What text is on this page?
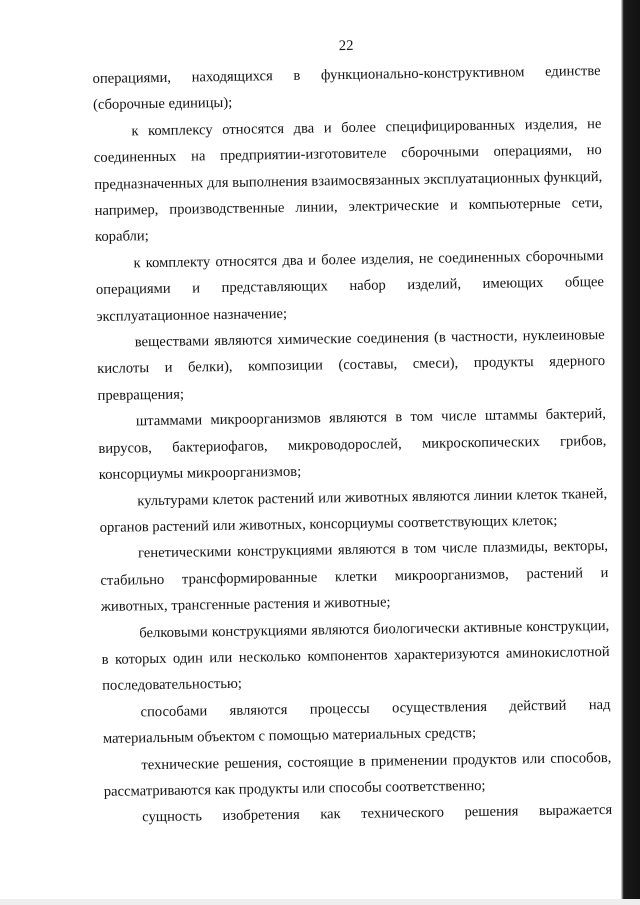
22

операциями, находящихся в функционально-конструктивном единстве (сборочные единицы);

к комплексу относятся два и более специфицированных изделия, не соединенных на предприятии-изготовителе сборочными операциями, но предназначенных для выполнения взаимосвязанных эксплуатационных функций, например, производственные линии, электрические и компьютерные сети, корабли;

к комплекту относятся два и более изделия, не соединенных сборочными операциями и представляющих набор изделий, имеющих общее эксплуатационное назначение;

веществами являются химические соединения (в частности, нуклеиновые кислоты и белки), композиции (составы, смеси), продукты ядерного превращения;

штаммами микроорганизмов являются в том числе штаммы бактерий, вирусов, бактериофагов, микроводорослей, микроскопических грибов, консорциумы микроорганизмов;

культурами клеток растений или животных являются линии клеток тканей, органов растений или животных, консорциумы соответствующих клеток;

генетическими конструкциями являются в том числе плазмиды, векторы, стабильно трансформированные клетки микроорганизмов, растений и животных, трансгенные растения и животные;

белковыми конструкциями являются биологически активные конструкции, в которых один или несколько компонентов характеризуются аминокислотной последовательностью;

способами являются процессы осуществления действий над материальным объектом с помощью материальных средств;

технические решения, состоящие в применении продуктов или способов, рассматриваются как продукты или способы соответственно;

сущность изобретения как технического решения выражается
